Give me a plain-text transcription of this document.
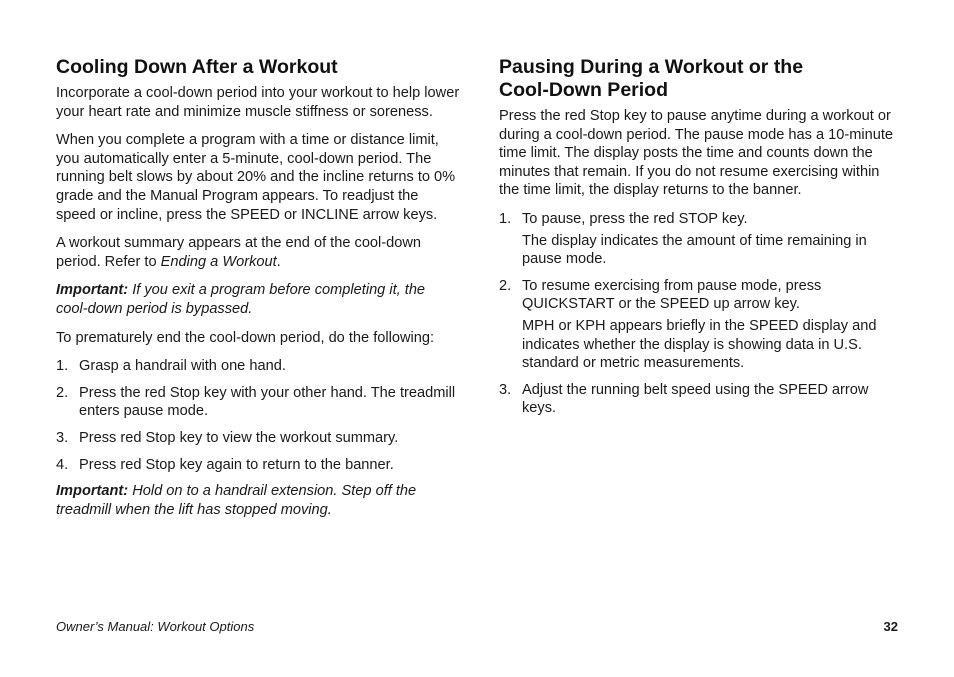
Cooling Down After a Workout

Incorporate a cool-down period into your workout to help lower your heart rate and minimize muscle stiffness or soreness.

When you complete a program with a time or distance limit, you automatically enter a 5-minute, cool-down period. The running belt slows by about 20% and the incline returns to 0% grade and the Manual Program appears. To readjust the speed or incline, press the SPEED or INCLINE arrow keys.

A workout summary appears at the end of the cool-down period. Refer to Ending a Workout.

Important: If you exit a program before completing it, the cool-down period is bypassed.

To prematurely end the cool-down period, do the following:

1. Grasp a handrail with one hand.
2. Press the red Stop key with your other hand. The treadmill enters pause mode.
3. Press red Stop key to view the workout summary.
4. Press red Stop key again to return to the banner.

Important: Hold on to a handrail extension. Step off the treadmill when the lift has stopped moving.

Pausing During a Workout or the
Cool-Down Period

Press the red Stop key to pause anytime during a workout or during a cool-down period. The pause mode has a 10-minute time limit. The display posts the time and counts down the minutes that remain. If you do not resume exercising within the time limit, the display returns to the banner.

1. To pause, press the red STOP key.
The display indicates the amount of time remaining in pause mode.
2. To resume exercising from pause mode, press QUICKSTART or the SPEED up arrow key.
MPH or KPH appears briefly in the SPEED display and indicates whether the display is showing data in U.S. standard or metric measurements.
3. Adjust the running belt speed using the SPEED arrow keys.
Owner’s Manual: Workout Options	32
